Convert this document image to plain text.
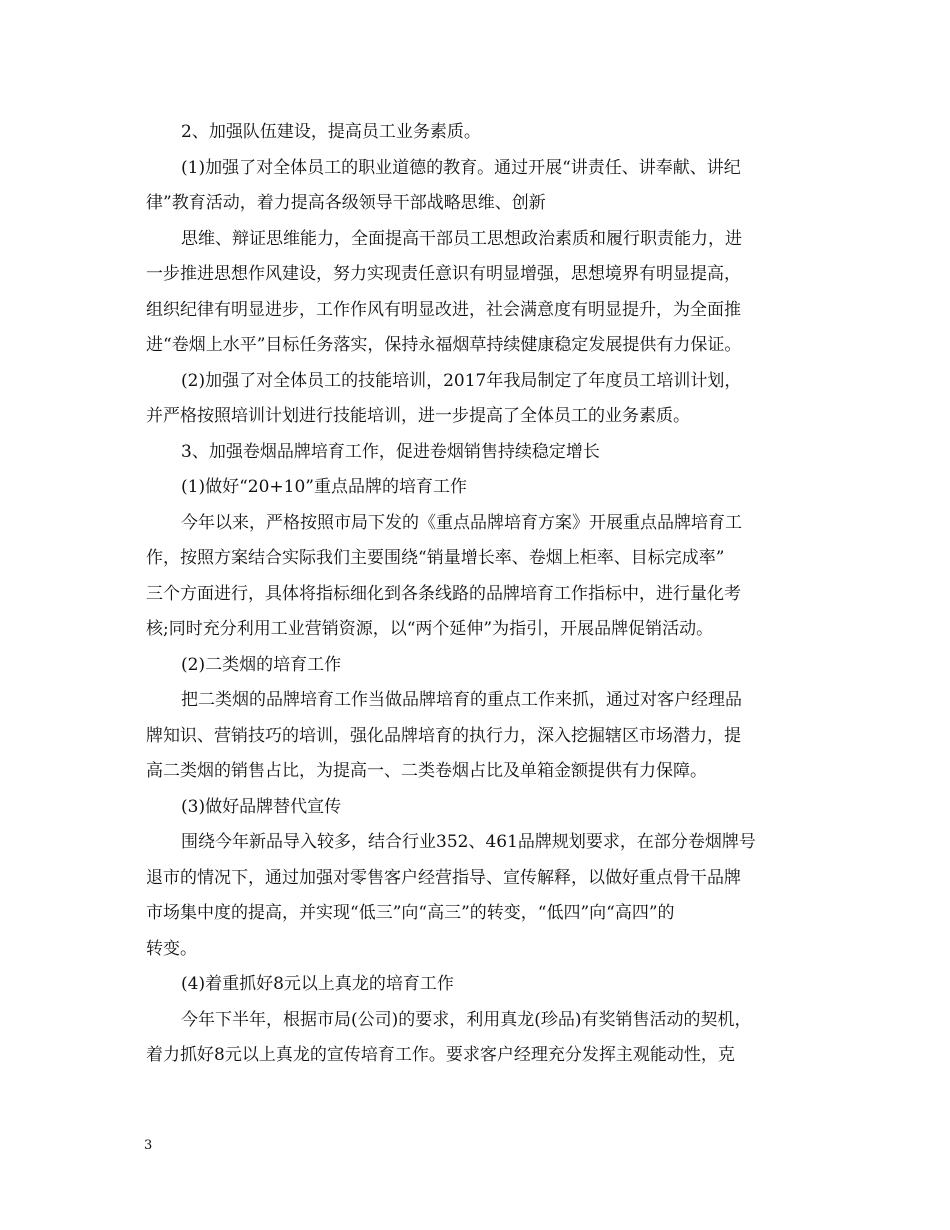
2、加强队伍建设，提高员工业务素质。
(1)加强了对全体员工的职业道德的教育。通过开展“讲责任、讲奉献、讲纪
律”教育活动，着力提高各级领导干部战略思维、创新
思维、辩证思维能力，全面提高干部员工思想政治素质和履行职责能力，进
一步推进思想作风建设，努力实现责任意识有明显增强，思想境界有明显提高，
组织纪律有明显进步，工作作风有明显改进，社会满意度有明显提升，为全面推
进“卷烟上水平”目标任务落实，保持永福烟草持续健康稳定发展提供有力保证。
(2)加强了对全体员工的技能培训，2017年我局制定了年度员工培训计划，
并严格按照培训计划进行技能培训，进一步提高了全体员工的业务素质。
3、加强卷烟品牌培育工作，促进卷烟销售持续稳定增长
(1)做好“20+10”重点品牌的培育工作
今年以来，严格按照市局下发的《重点品牌培育方案》开展重点品牌培育工
作，按照方案结合实际我们主要围绕“销量增长率、卷烟上柜率、目标完成率”
三个方面进行，具体将指标细化到各条线路的品牌培育工作指标中，进行量化考
核;同时充分利用工业营销资源，以“两个延伸”为指引，开展品牌促销活动。
(2)二类烟的培育工作
把二类烟的品牌培育工作当做品牌培育的重点工作来抓，通过对客户经理品
牌知识、营销技巧的培训，强化品牌培育的执行力，深入挖掘辖区市场潜力，提
高二类烟的销售占比，为提高一、二类卷烟占比及单箱金额提供有力保障。
(3)做好品牌替代宣传
围绕今年新品导入较多，结合行业352、461品牌规划要求，在部分卷烟牌号
退市的情况下，通过加强对零售客户经营指导、宣传解释，以做好重点骨干品牌
市场集中度的提高，并实现“低三”向“高三”的转变，“低四”向“高四”的
转变。
(4)着重抓好8元以上真龙的培育工作
今年下半年，根据市局(公司)的要求，利用真龙(珍品)有奖销售活动的契机，
着力抓好8元以上真龙的宣传培育工作。要求客户经理充分发挥主观能动性，克
3
